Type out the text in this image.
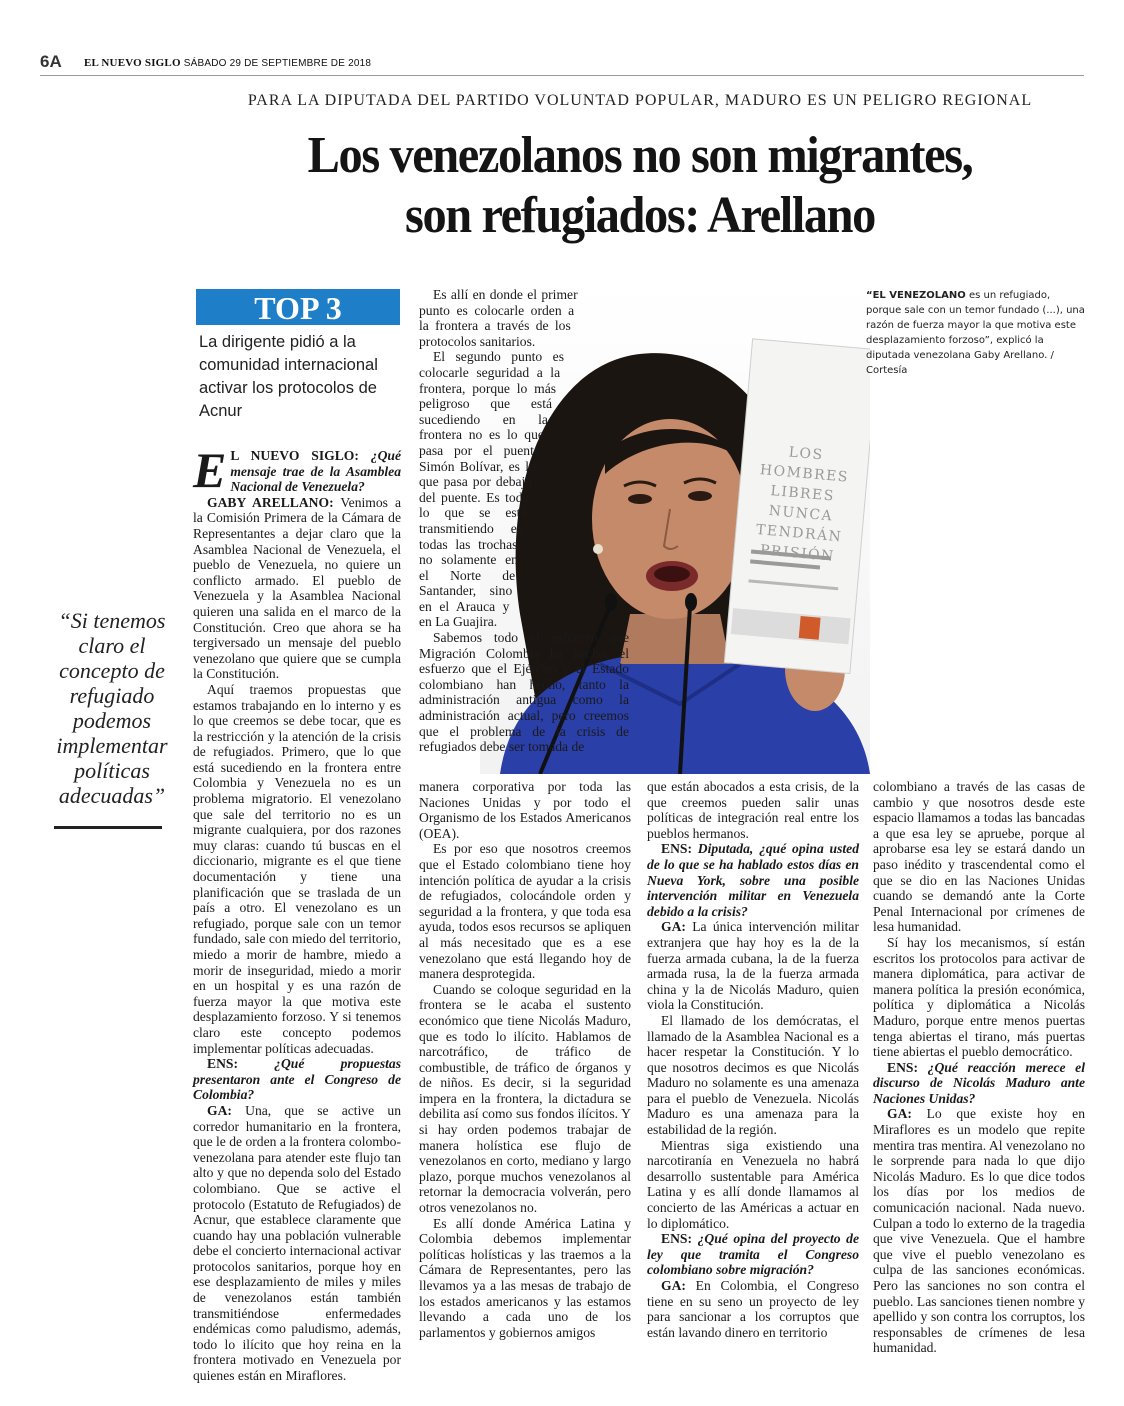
6A EL NUEVO SIGLO SÁBADO 29 DE SEPTIEMBRE DE 2018
PARA LA DIPUTADA DEL PARTIDO VOLUNTAD POPULAR, MADURO ES UN PELIGRO REGIONAL
Los venezolanos no son migrantes,
son refugiados: Arellano
TOP 3
La dirigente pidió a la comunidad internacional activar los protocolos de Acnur
“Si tenemos claro el concepto de refugiado podemos implementar políticas adecuadas”
LOS HOMBRES LIBRES NUNCA TENDRÁN PRISIÓN
“EL VENEZOLANO es un refugiado, porque sale con un temor fundado (...), una razón de fuerza mayor la que motiva este desplazamiento forzoso”, explicó la diputada venezolana Gaby Arellano. / Cortesía

E L NUEVO SIGLO: ¿Qué mensaje trae de la Asamblea Nacional de Venezuela?

GABY ARELLANO: Venimos a la Comisión Primera de la Cámara de Representantes a dejar claro que la Asamblea Nacional de Venezuela, el pueblo de Venezuela, no quiere un conflicto armado. El pueblo de Venezuela y la Asamblea Nacional quieren una salida en el marco de la Constitución. Creo que ahora se ha tergiversado un mensaje del pueblo venezolano que quiere que se cumpla la Constitución.

Aquí traemos propuestas que estamos trabajando en lo interno y es lo que creemos se debe tocar, que es la restricción y la atención de la crisis de refugiados. Primero, que lo que está sucediendo en la frontera entre Colombia y Venezuela no es un problema migratorio. El venezolano que sale del territorio no es un migrante cualquiera, por dos razones muy claras: cuando tú buscas en el diccionario, migrante es el que tiene documentación y tiene una planificación que se traslada de un país a otro. El venezolano es un refugiado, porque sale con un temor fundado, sale con miedo del territorio, miedo a morir de hambre, miedo a morir de inseguridad, miedo a morir en un hospital y es una razón de fuerza mayor la que motiva este desplazamiento forzoso. Y si tenemos claro este concepto podemos implementar políticas adecuadas.

ENS: ¿Qué propuestas presentaron ante el Congreso de Colombia?

GA: Una, que se active un corredor humanitario en la frontera, que le de orden a la frontera colombo-venezolana para atender este flujo tan alto y que no dependa solo del Estado colombiano. Que se active el protocolo (Estatuto de Refugiados) de Acnur, que establece claramente que cuando hay una población vulnerable debe el concierto internacional activar protocolos sanitarios, porque hoy en ese desplazamiento de miles y miles de venezolanos están también transmitiéndose enfermedades endémicas como paludismo, además, todo lo ilícito que hoy reina en la frontera motivado en Venezuela por quienes están en Miraflores.

Es allí en donde el primer punto es colocarle orden a la frontera a través de los protocolos sanitarios.

El segundo punto es colocarle seguridad a la frontera, porque lo más peligroso que está sucediendo en la frontera no es lo que pasa por el puente Simón Bolívar, es lo que pasa por debajo del puente. Es todo lo que se está transmitiendo en todas las trochas, no solamente en el Norte de Santander, sino en el Arauca y en La Guajira.

Sabemos todo el esfuerzo que Migración Colombia ha hecho, el esfuerzo que el Ejército y el Estado colombiano han hecho, tanto la administración antigua como la administración actual, pero creemos que el problema de la crisis de refugiados debe ser tomada de

manera corporativa por toda las Naciones Unidas y por todo el Organismo de los Estados Americanos (OEA).

Es por eso que nosotros creemos que el Estado colombiano tiene hoy intención política de ayudar a la crisis de refugiados, colocándole orden y seguridad a la frontera, y que toda esa ayuda, todos esos recursos se apliquen al más necesitado que es a ese venezolano que está llegando hoy de manera desprotegida.

Cuando se coloque seguridad en la frontera se le acaba el sustento económico que tiene Nicolás Maduro, que es todo lo ilícito. Hablamos de narcotráfico, de tráfico de combustible, de tráfico de órganos y de niños. Es decir, si la seguridad impera en la frontera, la dictadura se debilita así como sus fondos ilícitos. Y si hay orden podemos trabajar de manera holística ese flujo de venezolanos en corto, mediano y largo plazo, porque muchos venezolanos al retornar la democracia volverán, pero otros venezolanos no.

Es allí donde América Latina y Colombia debemos implementar políticas holísticas y las traemos a la Cámara de Representantes, pero las llevamos ya a las mesas de trabajo de los estados americanos y las estamos llevando a cada uno de los parlamentos y gobiernos amigos

que están abocados a esta crisis, de la que creemos pueden salir unas políticas de integración real entre los pueblos hermanos.

ENS: Diputada, ¿qué opina usted de lo que se ha hablado estos días en Nueva York, sobre una posible intervención militar en Venezuela debido a la crisis?

GA: La única intervención militar extranjera que hay hoy es la de la fuerza armada cubana, la de la fuerza armada rusa, la de la fuerza armada china y la de Nicolás Maduro, quien viola la Constitución.

El llamado de los demócratas, el llamado de la Asamblea Nacional es a hacer respetar la Constitución. Y lo que nosotros decimos es que Nicolás Maduro no solamente es una amenaza para el pueblo de Venezuela. Nicolás Maduro es una amenaza para la estabilidad de la región.

Mientras siga existiendo una narcotiranía en Venezuela no habrá desarrollo sustentable para América Latina y es allí donde llamamos al concierto de las Américas a actuar en lo diplomático.

ENS: ¿Qué opina del proyecto de ley que tramita el Congreso colombiano sobre migración?

GA: En Colombia, el Congreso tiene en su seno un proyecto de ley para sancionar a los corruptos que están lavando dinero en territorio

colombiano a través de las casas de cambio y que nosotros desde este espacio llamamos a todas las bancadas a que esa ley se apruebe, porque al aprobarse esa ley se estará dando un paso inédito y trascendental como el que se dio en las Naciones Unidas cuando se demandó ante la Corte Penal Internacional por crímenes de lesa humanidad.

Sí hay los mecanismos, sí están escritos los protocolos para activar de manera diplomática, para activar de manera política la presión económica, política y diplomática a Nicolás Maduro, porque entre menos puertas tenga abiertas el tirano, más puertas tiene abiertas el pueblo democrático.

ENS: ¿Qué reacción merece el discurso de Nicolás Maduro ante Naciones Unidas?

GA: Lo que existe hoy en Miraflores es un modelo que repite mentira tras mentira. Al venezolano no le sorprende para nada lo que dijo Nicolás Maduro. Es lo que dice todos los días por los medios de comunicación nacional. Nada nuevo. Culpan a todo lo externo de la tragedia que vive Venezuela. Que el hambre que vive el pueblo venezolano es culpa de las sanciones económicas. Pero las sanciones no son contra el pueblo. Las sanciones tienen nombre y apellido y son contra los corruptos, los responsables de crímenes de lesa humanidad.
